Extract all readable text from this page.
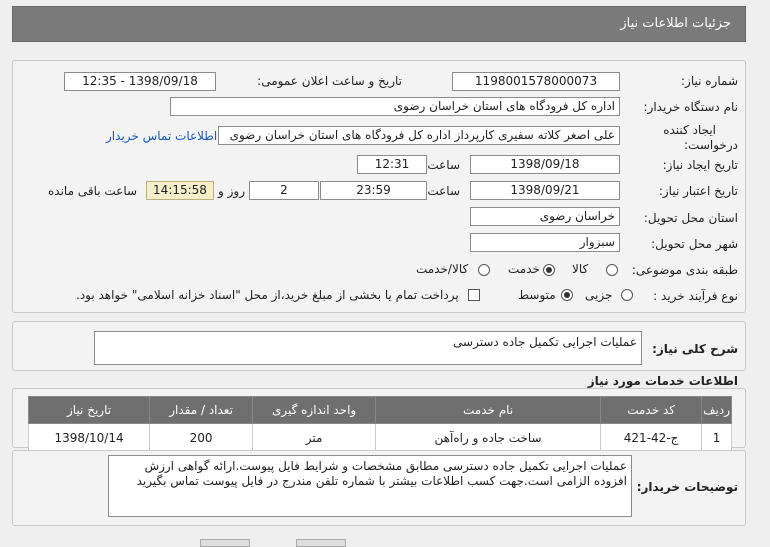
جزئیات اطلاعات نیاز
شماره نیاز:
1198001578000073
تاریخ و ساعت اعلان عمومی:
1398/09/18 - 12:35
نام دستگاه خریدار:
اداره کل فرودگاه های استان خراسان رضوی
ایجاد کننده
درخواست:
علی اصغر کلاته سفیری کارپرداز اداره کل فرودگاه های استان خراسان رضوی
اطلاعات تماس خریدار
تاریخ ایجاد نیاز:
1398/09/18
ساعت
12:31
تاریخ اعتبار نیاز:
1398/09/21
ساعت
23:59
2
روز و
14:15:58
ساعت باقی مانده
استان محل تحویل:
خراسان رضوی
شهر محل تحویل:
سبزوار
طبقه بندی موضوعی:
کالا
خدمت
کالا/خدمت
نوع فرآیند خرید :
جزیی
متوسط
پرداخت تمام یا بخشی از مبلغ خرید،از محل "اسناد خزانه اسلامی" خواهد بود.
شرح کلی نیاز:
عملیات اجرایی تکمیل جاده دسترسی
اطلاعات خدمات مورد نیاز
ردیف	کد خدمت	نام خدمت	واحد اندازه گیری	تعداد / مقدار	تاریخ نیاز
1	ج-42-421	ساخت جاده و راه‌آهن	متر	200	1398/10/14
توضیحات خریدار:
عملیات اجرایی تکمیل جاده دسترسی مطابق مشخصات و شرایط فایل پیوست.ارائه گواهی ارزش افزوده الزامی است.جهت کسب اطلاعات بیشتر با شماره تلفن مندرج در فایل پیوست تماس بگیرید
